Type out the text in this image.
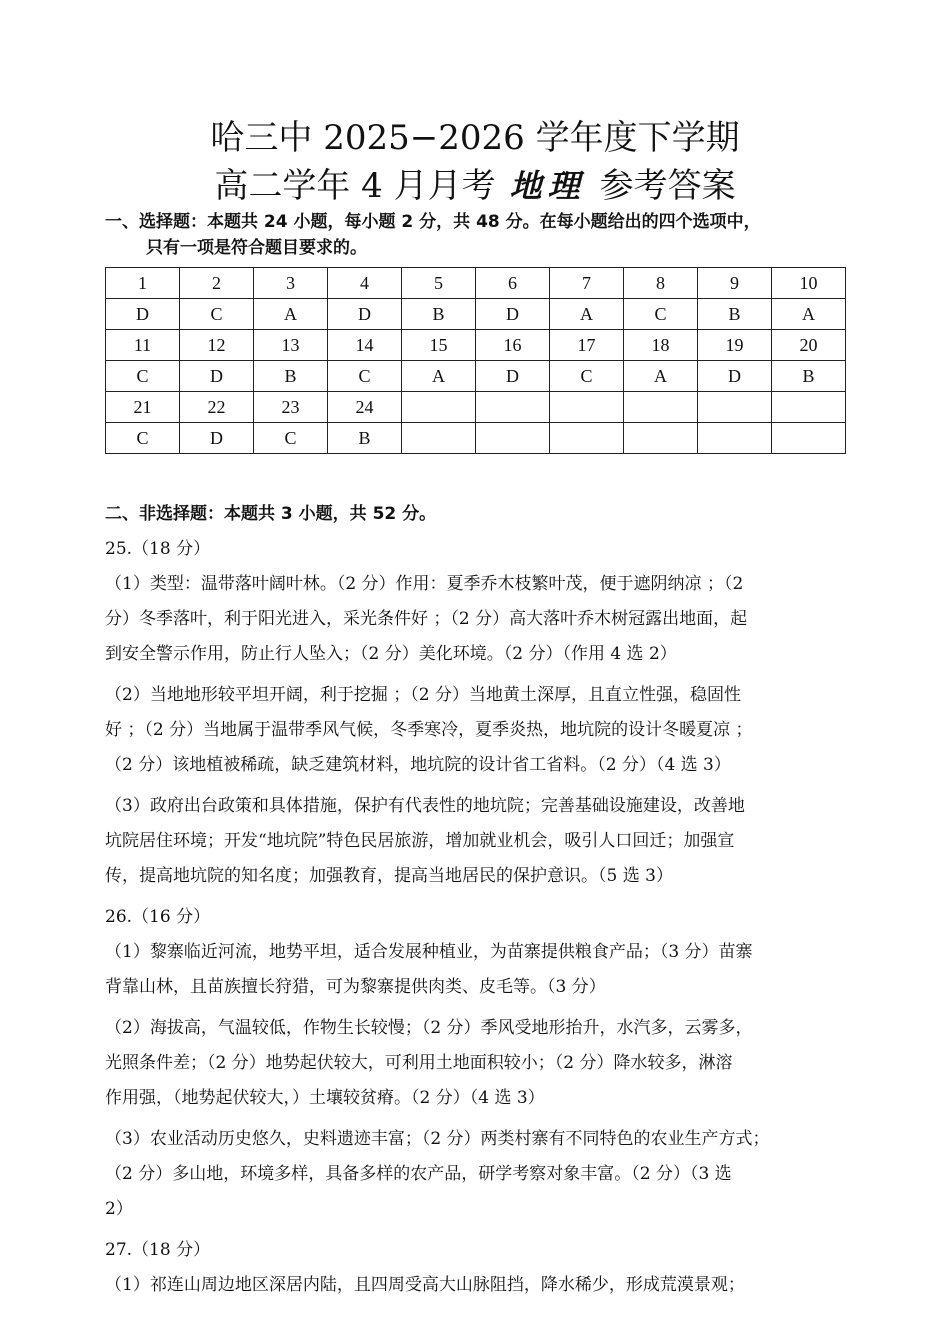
哈三中 2025−2026 学年度下学期
高二学年 4 月月考 地理 参考答案
一、选择题：本题共 24 小题，每小题 2 分，共 48 分。在每小题给出的四个选项中，
只有一项是符合题目要求的。
1	2	3	4	5	6	7	8	9	10
D	C	A	D	B	D	A	C	B	A
11	12	13	14	15	16	17	18	19	20
C	D	B	C	A	D	C	A	D	B
21	22	23	24						
C	D	C	B						

二、非选择题：本题共 3 小题，共 52 分。

25.（18 分）

（1）类型：温带落叶阔叶林。（2 分）作用：夏季乔木枝繁叶茂，便于遮阴纳凉 ；（2

分）冬季落叶，利于阳光进入，采光条件好 ；（2 分）高大落叶乔木树冠露出地面，起

到安全警示作用，防止行人坠入；（2 分）美化环境。（2 分）（作用 4 选 2）

（2）当地地形较平坦开阔，利于挖掘 ；（2 分）当地黄土深厚，且直立性强，稳固性

好 ；（2 分）当地属于温带季风气候，冬季寒冷，夏季炎热，地坑院的设计冬暖夏凉 ；

（2 分）该地植被稀疏，缺乏建筑材料，地坑院的设计省工省料。（2 分）（4 选 3）

（3）政府出台政策和具体措施，保护有代表性的地坑院；完善基础设施建设，改善地

坑院居住环境；开发“地坑院”特色民居旅游，增加就业机会，吸引人口回迁；加强宣

传，提高地坑院的知名度；加强教育，提高当地居民的保护意识。（5 选 3）

26.（16 分）

（1）黎寨临近河流，地势平坦，适合发展种植业，为苗寨提供粮食产品；（3 分）苗寨

背靠山林，且苗族擅长狩猎，可为黎寨提供肉类、皮毛等。（3 分）

（2）海拔高，气温较低，作物生长较慢；（2 分）季风受地形抬升，水汽多，云雾多，

光照条件差；（2 分）地势起伏较大，可利用土地面积较小；（2 分）降水较多，淋溶

作用强，（地势起伏较大，）土壤较贫瘠。（2 分）（4 选 3）

（3）农业活动历史悠久，史料遗迹丰富；（2 分）两类村寨有不同特色的农业生产方式；

（2 分）多山地，环境多样，具备多样的农产品，研学考察对象丰富。（2 分）（3 选

2）

27.（18 分）

（1）祁连山周边地区深居内陆，且四周受高大山脉阻挡，降水稀少，形成荒漠景观；
